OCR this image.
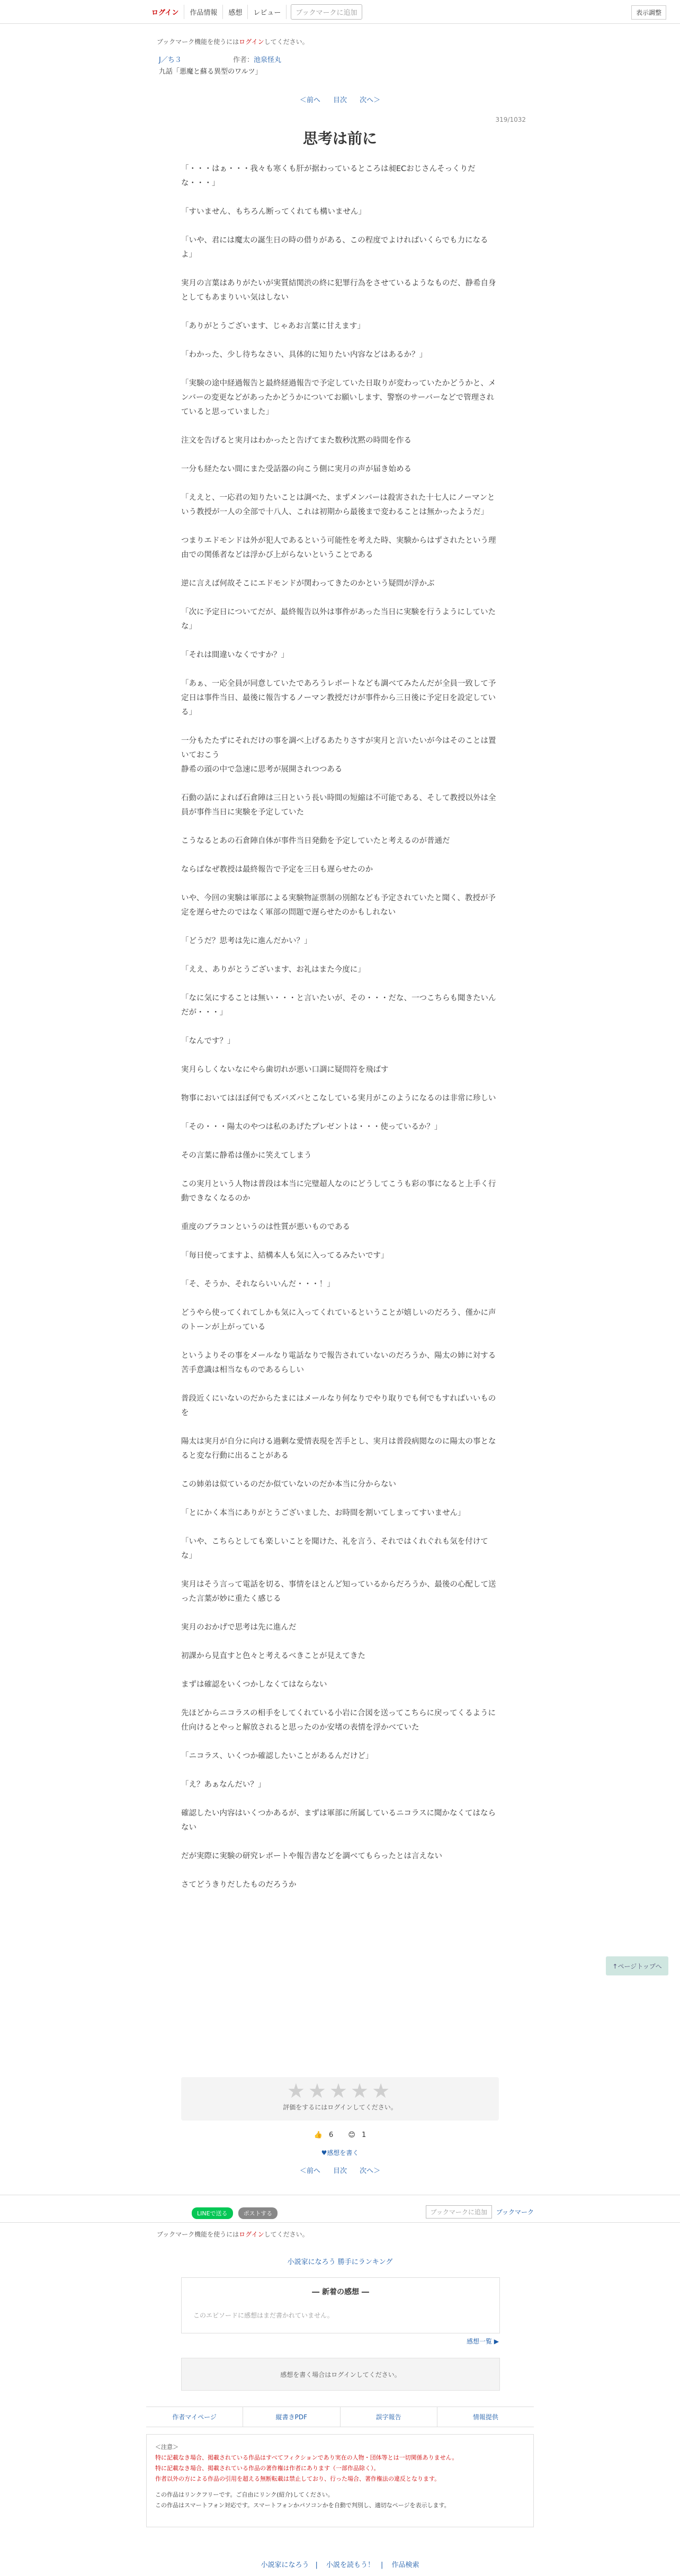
ログイン	作品情報	感想	レビュー	ブックマークに追加	表示調整
ブックマーク機能を使うにはログインしてください。
J／ち３	作者：池泉怪丸
九話「悪魔と蘇る異型のワルツ」
＜前へ 目次 次へ＞
319/1032
思考は前に

「・・・はぁ・・・我々も寒くも肝が据わっているところは昶ECおじさんそっくりだな・・・」

「すいません、もちろん断ってくれても構いません」

「いや、君には魔太の誕生日の時の借りがある、この程度でよければいくらでも力になるよ」

実月の言葉はありがたいが実質結関渋の終に犯罪行為をさせているようなものだ、静希自身としてもあまりいい気はしない

「ありがとうございます、じゃあお言葉に甘えます」

「わかった、少し待ちなさい、具体的に知りたい内容などはあるか？」

「実験の途中経過報告と最終経過報告で予定していた日取りが変わっていたかどうかと、メンバーの変更などがあったかどうかについてお願いします、警察のサーバーなどで管理されていると思っていました」

注文を告げると実月はわかったと告げてまた数秒沈黙の時間を作る

一分も経たない間にまた受話器の向こう側に実月の声が届き始める

「ええと、一応君の知りたいことは調べた、まずメンバーは殺害された十七人にノーマンという教授が一人の全部で十八人、これは初期から最後まで変わることは無かったようだ」

つまりエドモンドは外が犯人であるという可能性を考えた時、実験からはずされたという理由での関係者などは浮かび上がらないということである

逆に言えば何故そこにエドモンドが関わってきたのかという疑問が浮かぶ

「次に予定日についてだが、最終報告以外は事件があった当日に実験を行うようにしていたな」

「それは間違いなくですか？」

「あぁ、一応全員が同意していたであろうレポートなども調べてみたんだが全員一致して予定日は事件当日、最後に報告するノーマン教授だけが事件から三日後に予定日を設定している」

一分もたたずにそれだけの事を調べ上げるあたりさすが実月と言いたいが今はそのことは置いておこう
静希の頭の中で急速に思考が展開されつつある

石動の話によれば石倉陣は三日という長い時間の短縮は不可能である、そして教授以外は全員が事件当日に実験を予定していた

こうなるとあの石倉陣自体が事件当日発動を予定していたと考えるのが普通だ

ならばなぜ教授は最終報告で予定を三日も遅らせたのか

いや、今回の実験は軍部による実験物証票制の別館なども予定されていたと聞く、教授が予定を遅らせたのではなく軍部の問題で遅らせたのかもしれない

「どうだ？思考は先に進んだかい？」

「ええ、ありがとうございます、お礼はまた今度に」

「なに気にすることは無い・・・と言いたいが、その・・・だな、一つこちらも聞きたいんだが・・・」

「なんです？」

実月らしくないなにやら歯切れが悪い口調に疑問符を飛ばす

物事においてはほぼ何でもズバズバとこなしている実月がこのようになるのは非常に珍しい

「その・・・陽太のやつは私のあげたプレゼントは・・・使っているか？」

その言葉に静希は僅かに笑えてしまう

この実月という人物は普段は本当に完璧超人なのにどうしてこうも彩の事になると上手く行動できなくなるのか

重度のブラコンというのは性質が悪いものである

「毎日使ってますよ、結構本人も気に入ってるみたいです」

「そ、そうか、それならいいんだ・・・！」

どうやら使ってくれてしかも気に入ってくれているということが嬉しいのだろう、僅かに声のトーンが上がっている

というよりその事をメールなり電話なりで報告されていないのだろうか、陽太の姉に対する苦手意識は相当なものであるらしい

普段近くにいないのだからたまにはメールなり何なりでやり取りでも何でもすればいいものを

陽太は実月が自分に向ける過剰な愛情表現を苦手とし、実月は普段病閲なのに陽太の事となると変な行動に出ることがある

この姉弟は似ているのだか似ていないのだか本当に分からない

「とにかく本当にありがとうございました、お時間を割いてしまってすいません」

「いや、こちらとしても楽しいことを聞けた、礼を言う、それではくれぐれも気を付けてな」

実月はそう言って電話を切る、事情をほとんど知っているからだろうか、最後の心配して送った言葉が妙に重たく感じる

実月のおかげで思考は先に進んだ

初課から見直すと色々と考えるべきことが見えてきた

まずは確認をいくつかしなくてはならない

先ほどからニコラスの相手をしてくれている小岩に合図を送ってこちらに戻ってくるように仕向けるとやっと解放されると思ったのか安堵の表情を浮かべていた

「ニコラス、いくつか確認したいことがあるんだけど」

「え？あぁなんだい？」

確認したい内容はいくつかあるが、まずは軍部に所属しているニコラスに聞かなくてはならない

だが実際に実験の研究レポートや報告書などを調べてもらったとは言えない

さてどうきりだしたものだろうか

↑ページトップへ
★★★★★
評価をするにはログインしてください。
👍 6 😊 1
♥感想を書く
＜前へ 目次 次へ＞
LINEで送る	ポストする	ブックマークに追加	ブックマーク
ブックマーク機能を使うにはログインしてください。
小説家になろう 勝手にランキング
― 新着の感想 ―
このエピソードに感想はまだ書かれていません。
感想一覧 ▶
感想を書く場合はログインしてください。
作者マイページ	縦書きPDF	誤字報告	情報提供
＜注意＞
特に記載なき場合、掲載されている作品はすべてフィクションであり実在の人物・団体等とは一切関係ありません。
特に記載なき場合、掲載されている作品の著作権は作者にあります（一部作品除く）。
作者以外の方による作品の引用を超える無断転載は禁止しており、行った場合、著作権法の違反となります。
この作品はリンクフリーです。ご自由にリンク(紹介)してください。
この作品はスマートフォン対応です。スマートフォンかパソコンかを自動で判別し、適切なページを表示します。
小説家になろう | 小説を読もう！ | 作品検索
